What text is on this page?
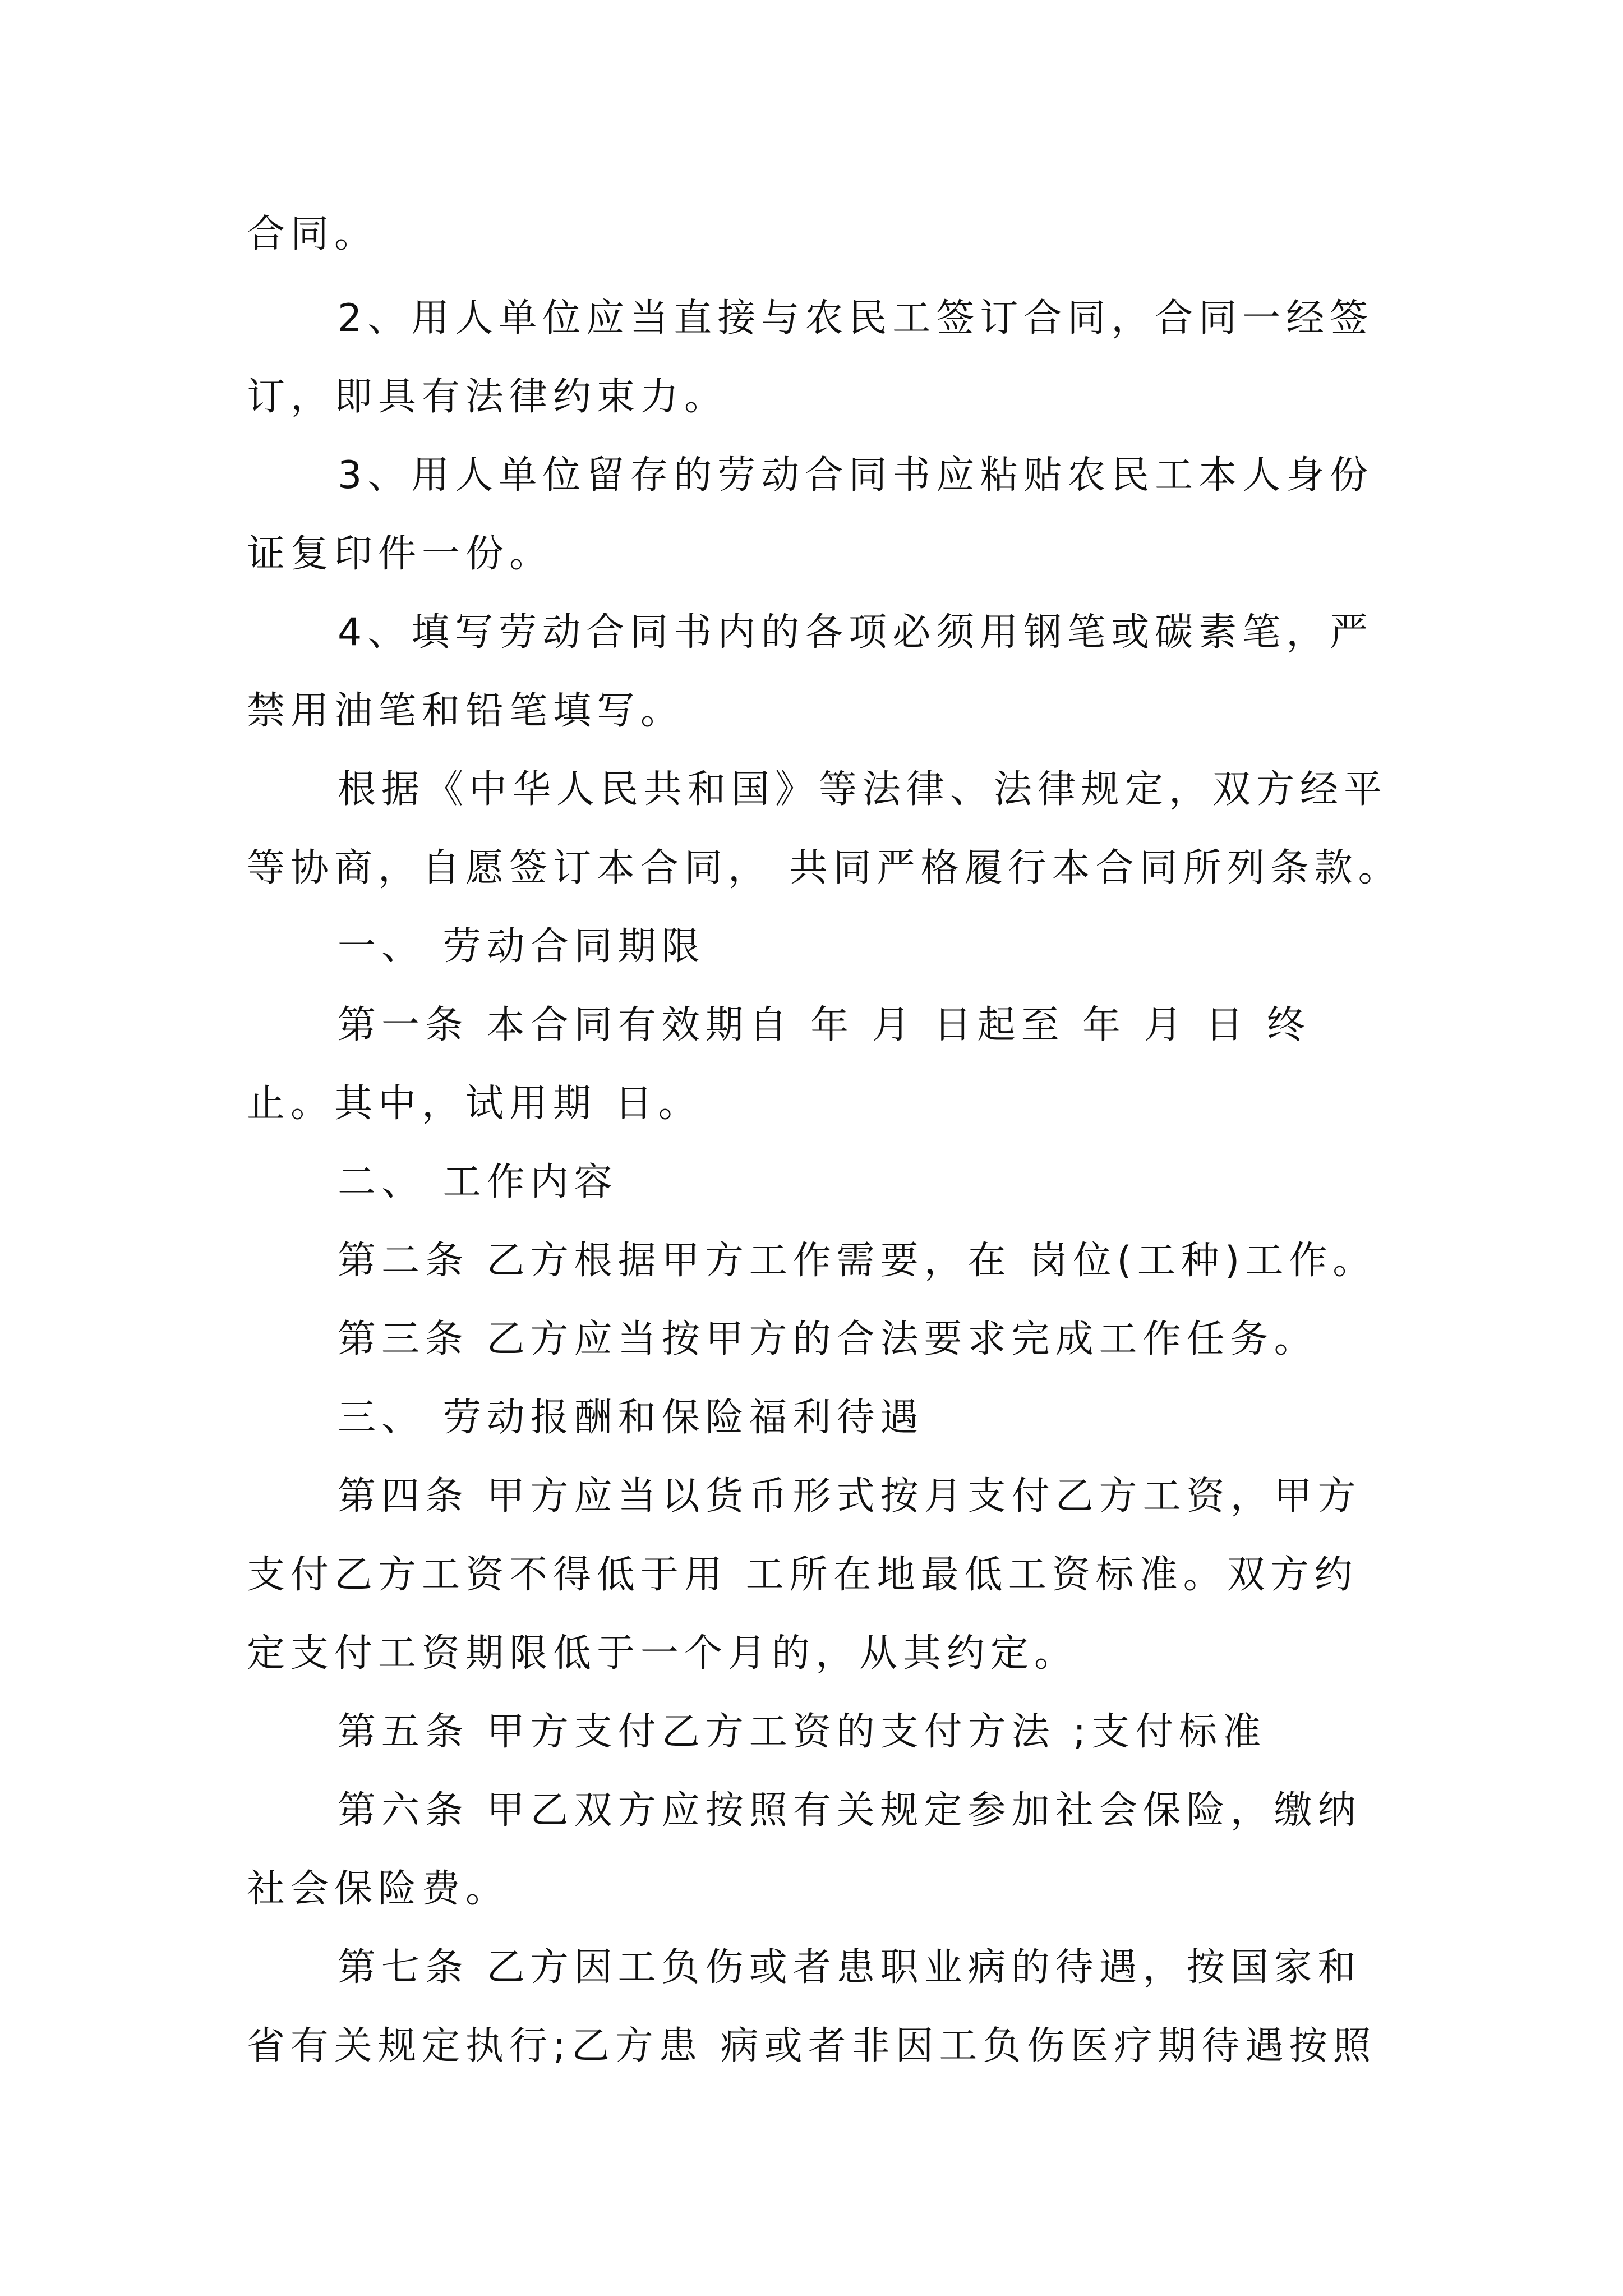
合同。
2、用人单位应当直接与农民工签订合同，合同一经签
订，即具有法律约束力。
3、用人单位留存的劳动合同书应粘贴农民工本人身份
证复印件一份。
4、填写劳动合同书内的各项必须用钢笔或碳素笔，严
禁用油笔和铅笔填写。
根据《中华人民共和国》等法律、法律规定，双方经平
等协商，自愿签订本合同， 共同严格履行本合同所列条款。
一、 劳动合同期限
第一条 本合同有效期自 年 月 日起至 年 月 日 终
止。其中，试用期 日。
二、 工作内容
第二条 乙方根据甲方工作需要，在 岗位(工种)工作。
第三条 乙方应当按甲方的合法要求完成工作任务。
三、 劳动报酬和保险福利待遇
第四条 甲方应当以货币形式按月支付乙方工资，甲方
支付乙方工资不得低于用 工所在地最低工资标准。双方约
定支付工资期限低于一个月的，从其约定。
第五条 甲方支付乙方工资的支付方法 ;支付标准
第六条 甲乙双方应按照有关规定参加社会保险，缴纳
社会保险费。
第七条 乙方因工负伤或者患职业病的待遇，按国家和
省有关规定执行;乙方患 病或者非因工负伤医疗期待遇按照
